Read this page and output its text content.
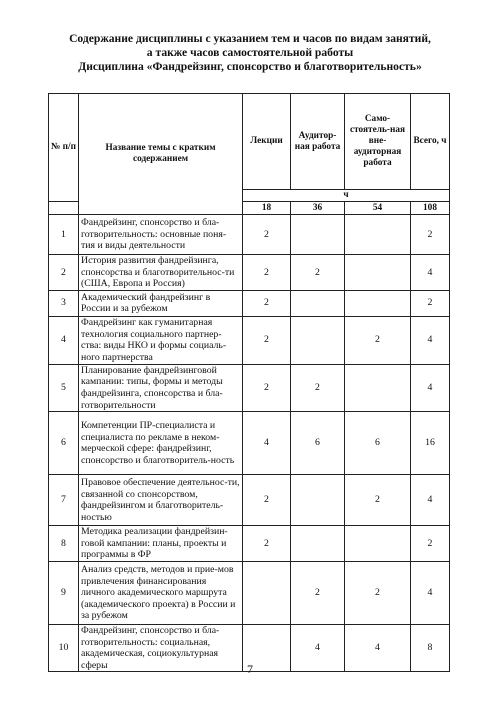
Содержание дисциплины с указанием тем и часов по видам занятий,
а также часов самостоятельной работы
Дисциплина «Фандрейзинг, спонсорство и благотворительность»
№ п/п	Название темы с кратким содержанием	Лекции	Аудитор-ная работа	Само-стоятель-ная вне-аудиторная работа	Всего, ч
		ч			
		18	36	54	108
1	Фандрейзинг, спонсорство и бла-готворительность: основные поня-тия и виды деятельности	2			2
2	История развития фандрейзинга, спонсорства и благотворительнос-ти (США, Европа и Россия)	2	2		4
3	Академический фандрейзинг в России и за рубежом	2			2
4	Фандрейзинг как гуманитарная технология социального партнер-ства: виды НКО и формы социаль-ного партнерства	2		2	4
5	Планирование фандрейзинговой кампании: типы, формы и методы фандрейзинга, спонсорства и бла-готворительности	2	2		4
6	Компетенции ПР-специалиста и специалиста по рекламе в неком-мерческой сфере: фандрейзинг, спонсорство и благотворитель-ность	4	6	6	16
7	Правовое обеспечение деятельнос-ти, связанной со спонсорством, фандрейзингом и благотворитель-ностью	2		2	4
8	Методика реализации фандрейзин-говой кампании: планы, проекты и программы в ФР	2			2
9	Анализ средств, методов и прие-мов привлечения финансирования личного академического маршрута (академического проекта) в России и за рубежом		2	2	4
10	Фандрейзинг, спонсорство и бла-готворительность: социальная, академическая, социокультурная сферы		4	4	8
7
